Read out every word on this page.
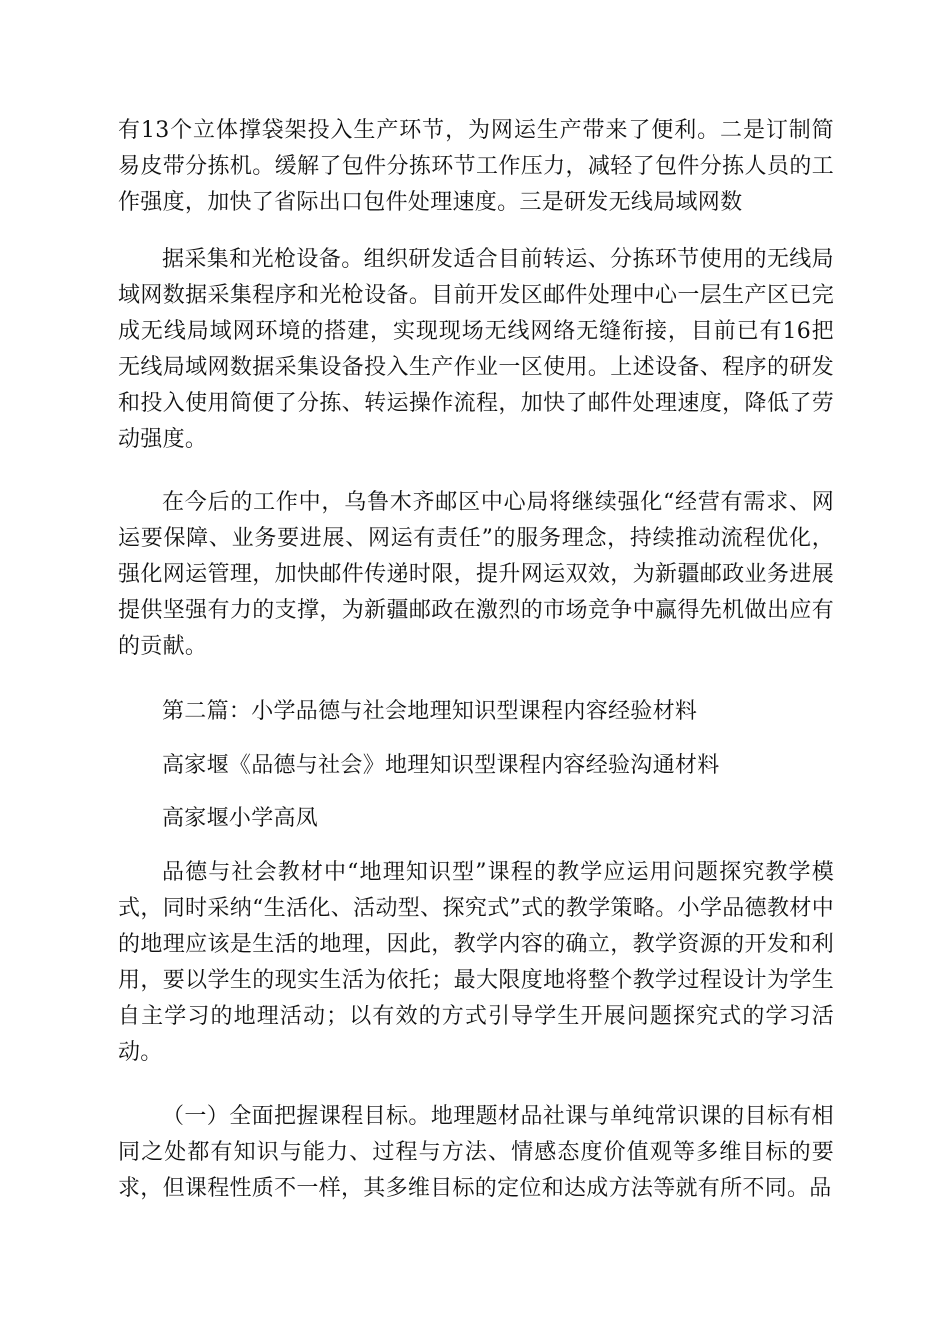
有13个立体撑袋架投入生产环节，为网运生产带来了便利。二是订制简易皮带分拣机。缓解了包件分拣环节工作压力，减轻了包件分拣人员的工作强度，加快了省际出口包件处理速度。三是研发无线局域网数

据采集和光枪设备。组织研发适合目前转运、分拣环节使用的无线局域网数据采集程序和光枪设备。目前开发区邮件处理中心一层生产区已完成无线局域网环境的搭建，实现现场无线网络无缝衔接，目前已有16把无线局域网数据采集设备投入生产作业一区使用。上述设备、程序的研发和投入使用简便了分拣、转运操作流程，加快了邮件处理速度，降低了劳动强度。

在今后的工作中，乌鲁木齐邮区中心局将继续强化“经营有需求、网运要保障、业务要进展、网运有责任”的服务理念，持续推动流程优化，强化网运管理，加快邮件传递时限，提升网运双效，为新疆邮政业务进展提供坚强有力的支撑，为新疆邮政在激烈的市场竞争中赢得先机做出应有的贡献。

第二篇：小学品德与社会地理知识型课程内容经验材料

高家堰《品德与社会》地理知识型课程内容经验沟通材料

高家堰小学高凤

品德与社会教材中“地理知识型”课程的教学应运用问题探究教学模式，同时采纳“生活化、活动型、探究式”式的教学策略。小学品德教材中的地理应该是生活的地理，因此，教学内容的确立，教学资源的开发和利用，要以学生的现实生活为依托；最大限度地将整个教学过程设计为学生自主学习的地理活动；以有效的方式引导学生开展问题探究式的学习活动。

（一）全面把握课程目标。地理题材品社课与单纯常识课的目标有相同之处都有知识与能力、过程与方法、情感态度价值观等多维目标的要求，但课程性质不一样，其多维目标的定位和达成方法等就有所不同。品
